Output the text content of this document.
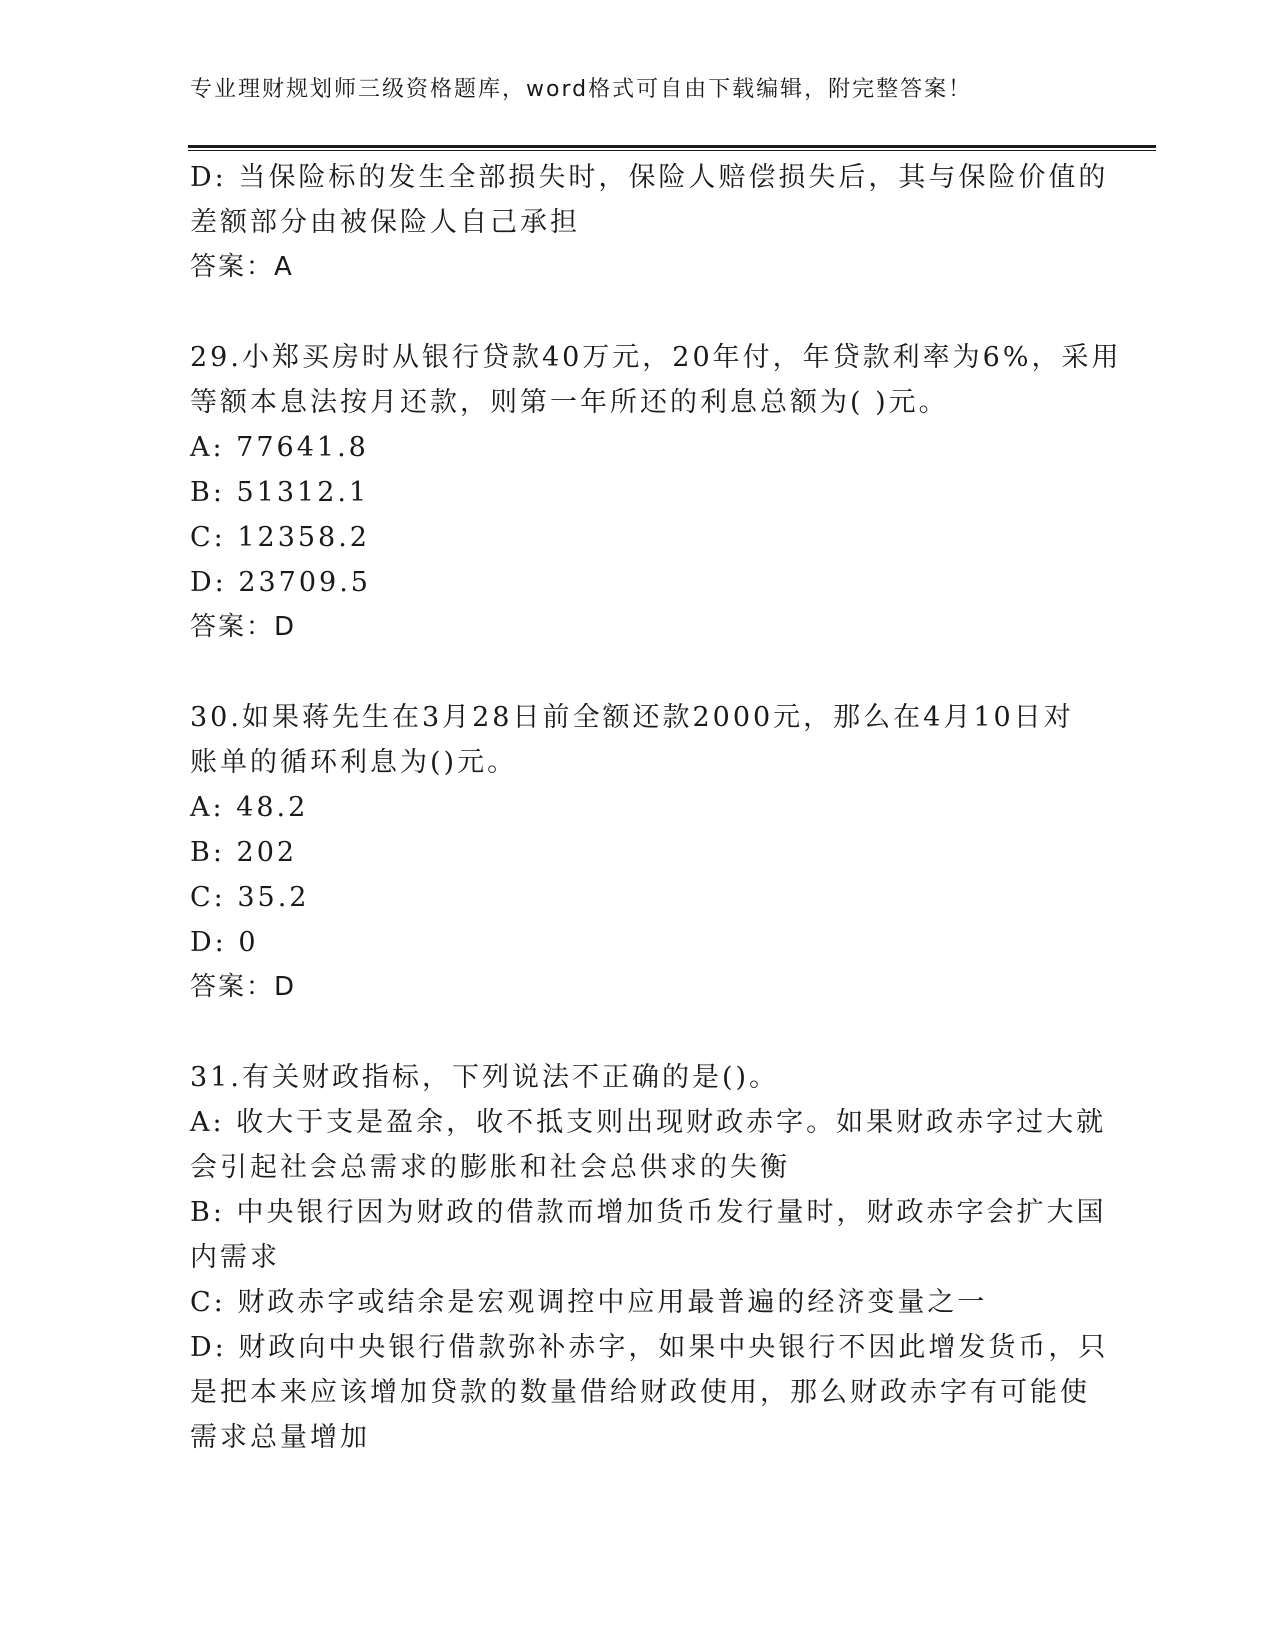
专业理财规划师三级资格题库，word格式可自由下载编辑，附完整答案！
D: 当保险标的发生全部损失时，保险人赔偿损失后，其与保险价值的
差额部分由被保险人自己承担
答案：A
29.小郑买房时从银行贷款40万元，20年付，年贷款利率为6%，采用
等额本息法按月还款，则第一年所还的利息总额为( )元。
A: 77641.8
B: 51312.1
C: 12358.2
D: 23709.5
答案：D
30.如果蒋先生在3月28日前全额还款2000元，那么在4月10日对
账单的循环利息为()元。
A: 48.2
B: 202
C: 35.2
D: 0
答案：D
31.有关财政指标，下列说法不正确的是()。
A: 收大于支是盈余，收不抵支则出现财政赤字。如果财政赤字过大就
会引起社会总需求的膨胀和社会总供求的失衡
B: 中央银行因为财政的借款而增加货币发行量时，财政赤字会扩大国
内需求
C: 财政赤字或结余是宏观调控中应用最普遍的经济变量之一
D: 财政向中央银行借款弥补赤字，如果中央银行不因此增发货币，只
是把本来应该增加贷款的数量借给财政使用，那么财政赤字有可能使
需求总量增加
